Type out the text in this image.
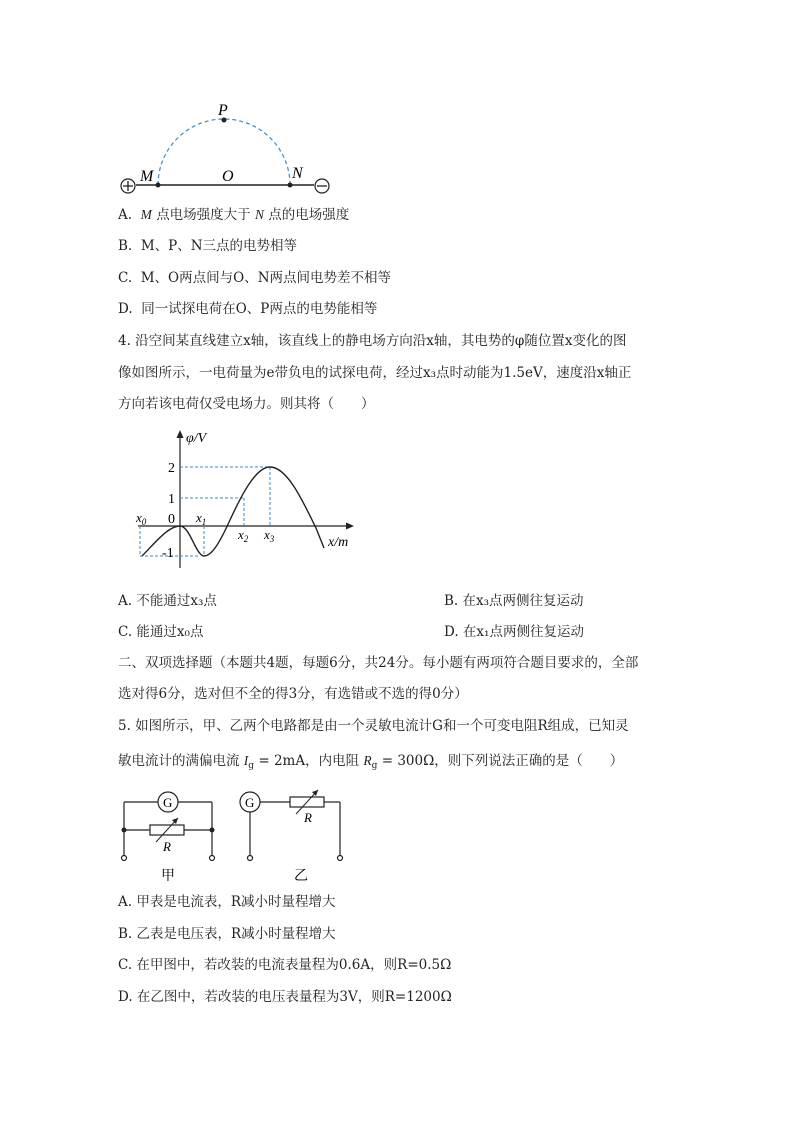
P
M	O	N
A. M 点电场强度大于 N 点的电场强度
B. M、P、N三点的电势相等
C. M、O两点间与O、N两点间电势差不相等
D. 同一试探电荷在O、P两点的电势能相等
4. 沿空间某直线建立x轴，该直线上的静电场方向沿x轴，其电势的φ随位置x变化的图
像如图所示，一电荷量为e带负电的试探电荷，经过x₃点时动能为1.5eV，速度沿x轴正
方向若该电荷仅受电场力。则其将（　　）
2
1
0
-1
φ/V
x/m
$x_0$	$x_1$
$x_2$ $x_3$
A. 不能通过x₃点	B. 在x₃点两侧往复运动
C. 能通过x₀点	D. 在x₁点两侧往复运动
二、双项选择题（本题共4题，每题6分，共24分。每小题有两项符合题目要求的，全部
选对得6分，选对但不全的得3分，有选错或不选的得0分）
5. 如图所示，甲、乙两个电路都是由一个灵敏电流计G和一个可变电阻R组成，已知灵
敏电流计的满偏电流 $I_g = 2mA$，内电阻 $R_g = 300\Omega$，则下列说法正确的是（　　）
G
R
甲
G
R
乙
A. 甲表是电流表，R减小时量程增大
B. 乙表是电压表，R减小时量程增大
C. 在甲图中，若改装的电流表量程为0.6A，则R=0.5Ω
D. 在乙图中，若改装的电压表量程为3V，则R=1200Ω
